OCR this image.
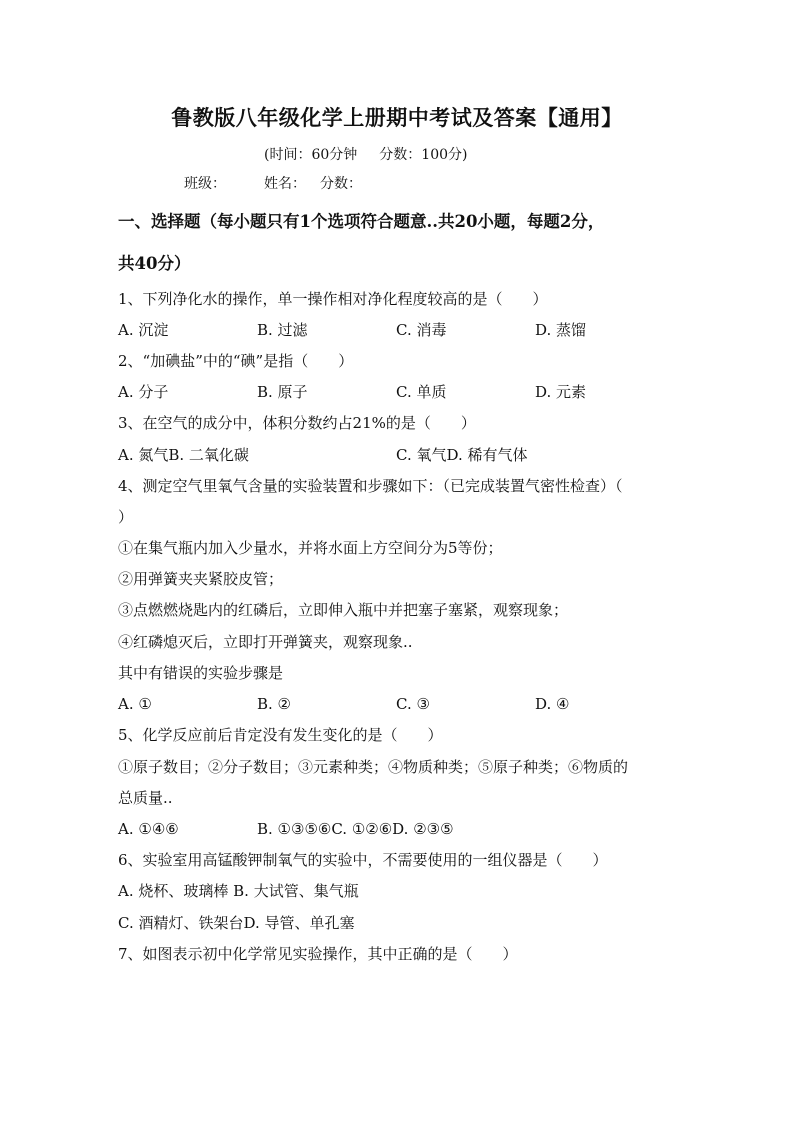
鲁教版八年级化学上册期中考试及答案【通用】
(时间：60分钟 分数：100分)
班级：	姓名： 分数：
一、选择题（每小题只有1个选项符合题意..共20小题，每题2分，
共40分）
1、下列净化水的操作，单一操作相对净化程度较高的是（　　）
A. 沉淀	B. 过滤	C. 消毒	D. 蒸馏
2、“加碘盐”中的“碘”是指（　　）
A. 分子	B. 原子	C. 单质	D. 元素
3、在空气的成分中，体积分数约占21%的是（　　）
A. 氮气B. 二氧化碳	C. 氧气D. 稀有气体
4、测定空气里氧气含量的实验装置和步骤如下：（已完成装置气密性检查）（
）
①在集气瓶内加入少量水，并将水面上方空间分为5等份；
②用弹簧夹夹紧胶皮管；
③点燃燃烧匙内的红磷后，立即伸入瓶中并把塞子塞紧，观察现象；
④红磷熄灭后，立即打开弹簧夹，观察现象..
其中有错误的实验步骤是
A. ①	B. ②	C. ③	D. ④
5、化学反应前后肯定没有发生变化的是（　　）
①原子数目；②分子数目；③元素种类；④物质种类；⑤原子种类；⑥物质的
总质量..
A. ①④⑥	B. ①③⑤⑥C. ①②⑥D. ②③⑤
6、实验室用高锰酸钾制氧气的实验中，不需要使用的一组仪器是（　　）
A. 烧杯、玻璃棒 B. 大试管、集气瓶
C. 酒精灯、铁架台D. 导管、单孔塞
7、如图表示初中化学常见实验操作，其中正确的是（　　）
